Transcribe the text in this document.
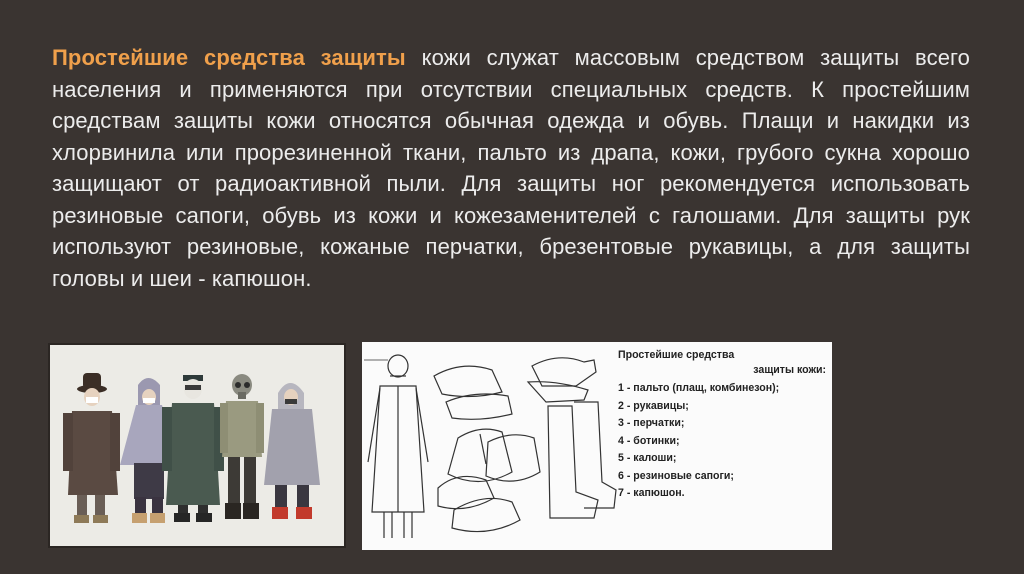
Простейшие средства защиты кожи служат массовым средством защиты всего населения и применяются при отсутствии специальных средств. К простейшим средствам защиты кожи относятся обычная одежда и обувь. Плащи и накидки из хлорвинила или прорезиненной ткани, пальто из драпа, кожи, грубого сукна хорошо защищают от радиоактивной пыли. Для защиты ног рекомендуется использовать резиновые сапоги, обувь из кожи и кожезаменителей с галошами. Для защиты рук используют резиновые, кожаные перчатки, брезентовые рукавицы, а для защиты головы и шеи - капюшон.
Простейшие средства
защиты кожи:
1 - пальто (плащ, комбинезон);
2 - рукавицы;
3 - перчатки;
4 - ботинки;
5 - калоши;
6 - резиновые сапоги;
7 - капюшон.
